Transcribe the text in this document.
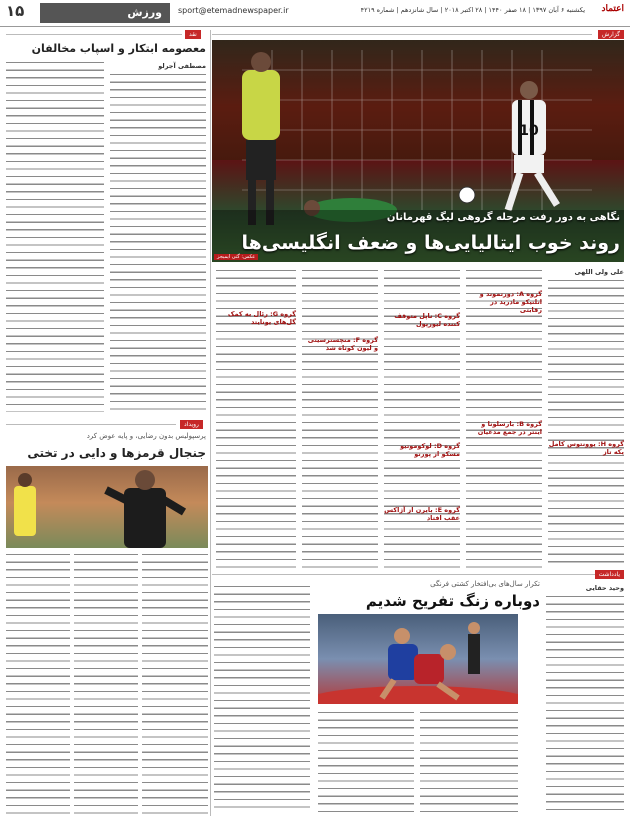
۱۵	ورزش	sport@etemadnewspaper.ir	یکشنبه ۶ آبان ۱۳۹۷ | ۱۸ صفر ۱۴۴۰ | ۲۸ اکتبر ۲۰۱۸ | سال شانزدهم | شماره ۴۲۱۹	اعتماد
گزارش
10
نگاهی به دور رفت مرحله گروهی لیگ قهرمانان
روند خوب ایتالیایی‌ها و ضعف انگلیسی‌ها
عکس: گتی ایمیجز
علی ولی اللهی
گروه H: یوونتوس کامل یکه تاز
گروه A: دورتموند و اتلتیکو مادرید در رقابتی
گروه B: بارسلونا و اینتر در جمع مدعیان
گروه C: ناپل متوقف کننده لیورپول
گروه D: لوکوموتیو مسکو از پورتو
گروه E: بایرن از آژاکس عقب افتاد
گروه F: منچسترسیتی و لیون کوتاه شد
گروه G: رئال به کمک گل‌های یونایتد
نقد
معصومه ابتکار و اسپاب مخالفان
مصطفی آجرلو
رویداد
پرسپولیس بدون رضایی، و پایه عوض کرد
جنجال قرمزها و دایی در تختی
یادداشت
تکرار سال‌های بی‌افتخار کشتی فرنگی
دوباره زنگ تفریح شدیم
وحید حقایی
